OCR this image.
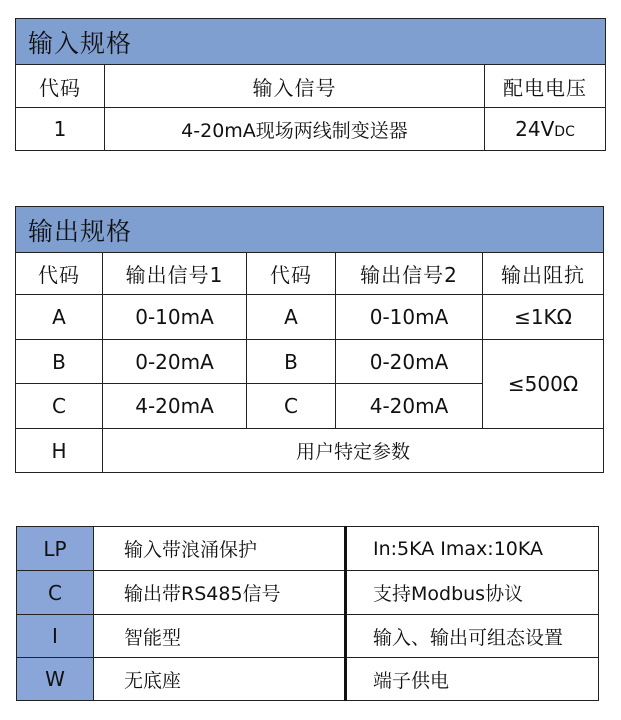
输入规格		
代码	输入信号	配电电压
1	4-20mA现场两线制变送器	24VDC
输出规格				
代码	输出信号1	代码	输出信号2	输出阻抗
A	0-10mA	A	0-10mA	≤1KΩ
B	0-20mA	B	0-20mA	≤500Ω
C	4-20mA	C	4-20mA	
H	用户特定参数			
LP	输入带浪涌保护	In:5KA Imax:10KA
C	输出带RS485信号	支持Modbus协议
I	智能型	输入、输出可组态设置
W	无底座	端子供电
